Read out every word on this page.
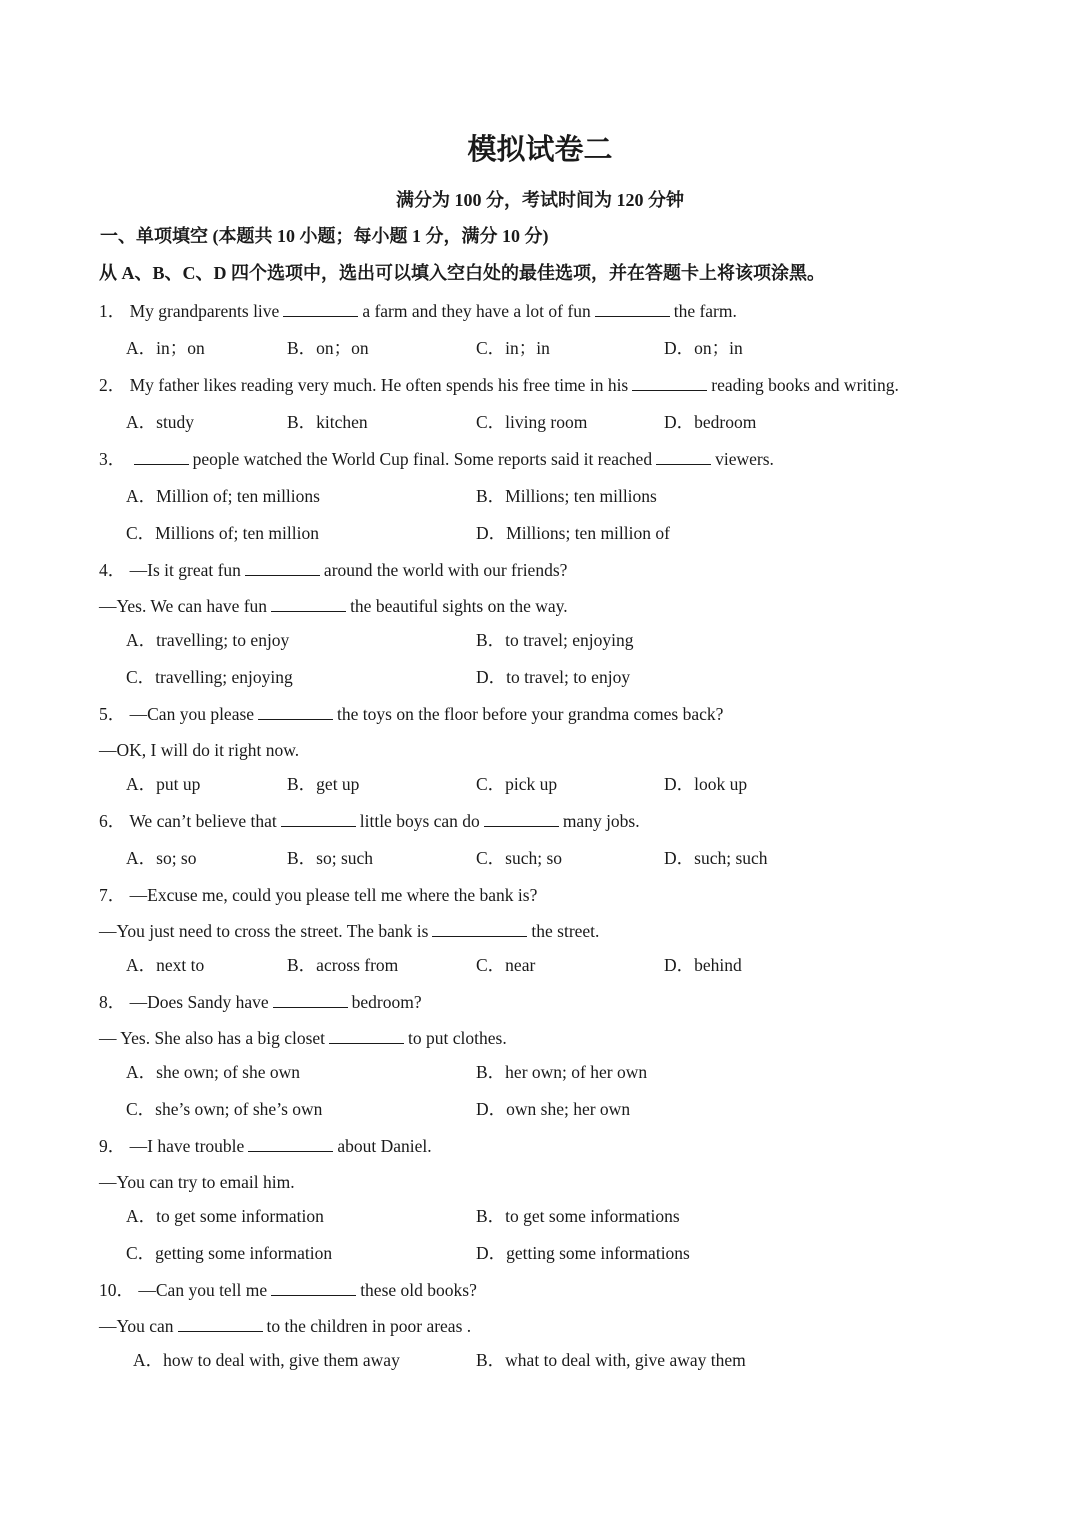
模拟试卷二
满分为 100 分，考试时间为 120 分钟
一、单项填空 (本题共 10 小题；每小题 1 分，满分 10 分)
从 A、B、C、D 四个选项中，选出可以填入空白处的最佳选项，并在答题卡上将该项涂黑。
1． My grandparents live	a farm and they have a lot of fun	the farm.
A．in；on	B．on；on	C．in；in	D．on；in
2． My father likes reading very much. He often spends his free time in his	reading books and writing.
A．study	B．kitchen	C．living room	D．bedroom
3．	people watched the World Cup final. Some reports said it reached	viewers.
A．Million of; ten millions	B．Millions; ten millions
C．Millions of; ten million	D．Millions; ten million of
4． —Is it great fun	around the world with our friends?
—Yes. We can have fun	the beautiful sights on the way.
A．travelling; to enjoy	B．to travel; enjoying
C．travelling; enjoying	D．to travel; to enjoy
5． —Can you please	the toys on the floor before your grandma comes back?
—OK, I will do it right now.
A．put up	B．get up	C．pick up	D．look up
6． We can’t believe that	little boys can do	many jobs.
A．so; so	B．so; such	C．such; so	D．such; such
7． —Excuse me, could you please tell me where the bank is?
—You just need to cross the street. The bank is	the street.
A．next to	B．across from	C．near	D．behind
8． —Does Sandy have	bedroom?
— Yes. She also has a big closet	to put clothes.
A．she own; of she own	B．her own; of her own
C．she’s own; of she’s own	D．own she; her own
9． —I have trouble	about Daniel.
—You can try to email him.
A．to get some information	B．to get some informations
C．getting some information	D．getting some informations
10． —Can you tell me	these old books?
—You can	to the children in poor areas .
A．how to deal with, give them away	B．what to deal with, give away them
